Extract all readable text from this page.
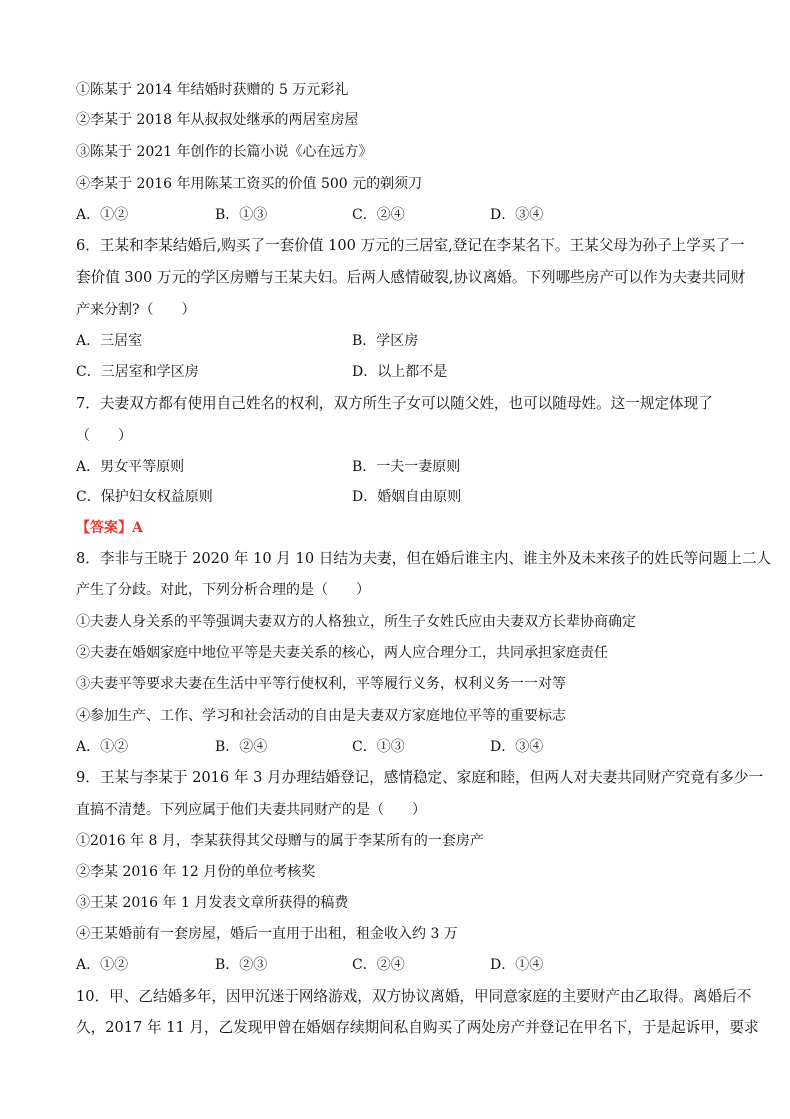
①陈某于 2014 年结婚时获赠的 5 万元彩礼
②李某于 2018 年从叔叔处继承的两居室房屋
③陈某于 2021 年创作的长篇小说《心在远方》
④李某于 2016 年用陈某工资买的价值 500 元的剃须刀
A．①②	B．①③	C．②④	D．③④
6．王某和李某结婚后,购买了一套价值 100 万元的三居室,登记在李某名下。王某父母为孙子上学买了一
套价值 300 万元的学区房赠与王某夫妇。后两人感情破裂,协议离婚。下列哪些房产可以作为夫妻共同财
产来分割?（　　）
A．三居室	B．学区房
C．三居室和学区房	D．以上都不是
7．夫妻双方都有使用自己姓名的权利，双方所生子女可以随父姓，也可以随母姓。这一规定体现了
（　　）
A．男女平等原则	B．一夫一妻原则
C．保护妇女权益原则	D．婚姻自由原则
【答案】A
8．李非与王晓于 2020 年 10 月 10 日结为夫妻，但在婚后谁主内、谁主外及未来孩子的姓氏等问题上二人
产生了分歧。对此，下列分析合理的是（　　）
①夫妻人身关系的平等强调夫妻双方的人格独立，所生子女姓氏应由夫妻双方长辈协商确定
②夫妻在婚姻家庭中地位平等是夫妻关系的核心，两人应合理分工，共同承担家庭责任
③夫妻平等要求夫妻在生活中平等行使权利，平等履行义务，权利义务一一对等
④参加生产、工作、学习和社会活动的自由是夫妻双方家庭地位平等的重要标志
A．①②	B．②④	C．①③	D．③④
9．王某与李某于 2016 年 3 月办理结婚登记，感情稳定、家庭和睦，但两人对夫妻共同财产究竟有多少一
直搞不清楚。下列应属于他们夫妻共同财产的是（　　）
①2016 年 8 月，李某获得其父母赠与的属于李某所有的一套房产
②李某 2016 年 12 月份的单位考核奖
③王某 2016 年 1 月发表文章所获得的稿费
④王某婚前有一套房屋，婚后一直用于出租，租金收入约 3 万
A．①②	B．②③	C．②④	D．①④
10．甲、乙结婚多年，因甲沉迷于网络游戏，双方协议离婚，甲同意家庭的主要财产由乙取得。离婚后不
久，2017 年 11 月，乙发现甲曾在婚姻存续期间私自购买了两处房产并登记在甲名下，于是起诉甲，要求
